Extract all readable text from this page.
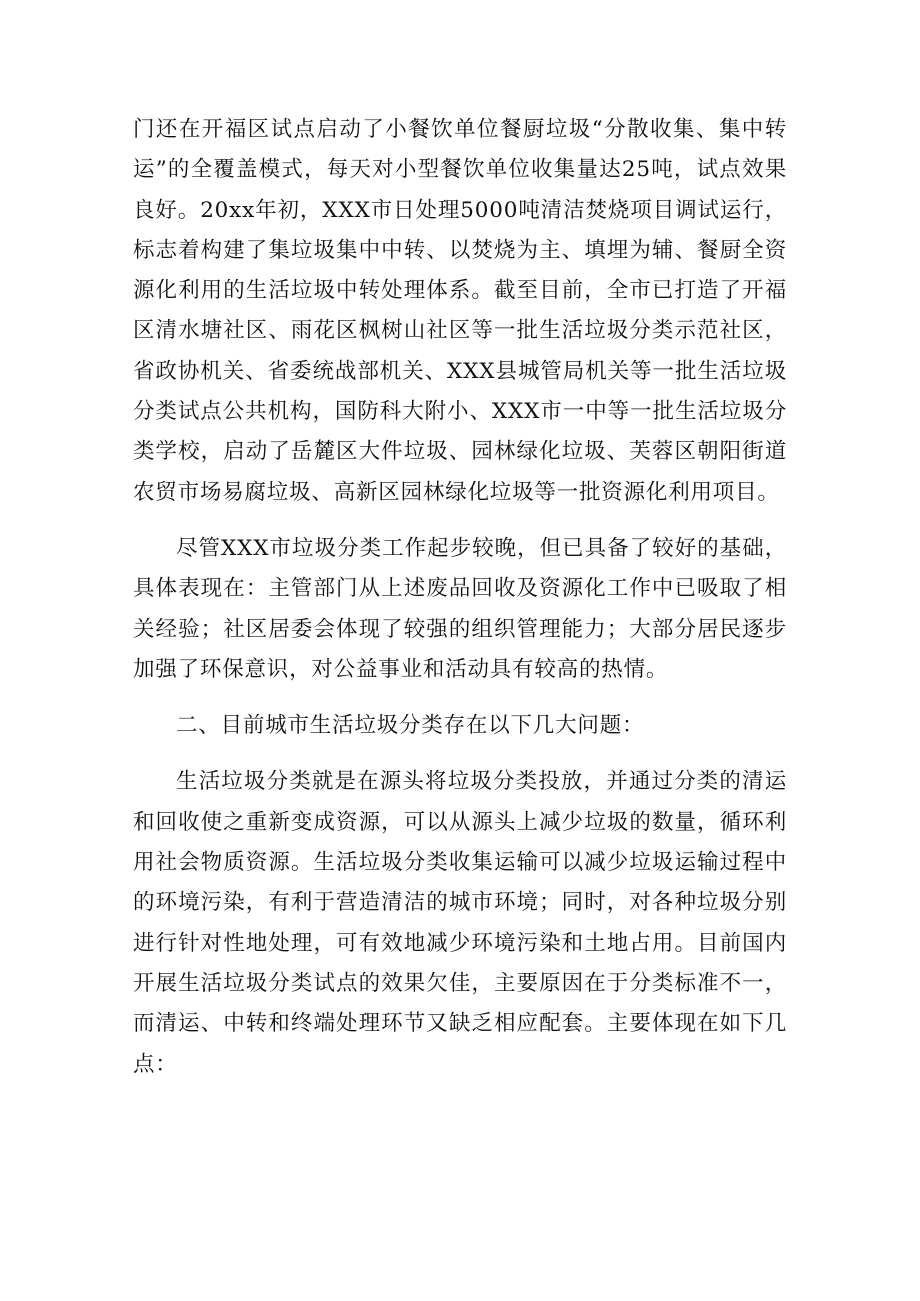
门还在开福区试点启动了小餐饮单位餐厨垃圾“分散收集、集中转运”的全覆盖模式，每天对小型餐饮单位收集量达25吨，试点效果良好。20xx年初，XXX市日处理5000吨清洁焚烧项目调试运行，标志着构建了集垃圾集中中转、以焚烧为主、填埋为辅、餐厨全资源化利用的生活垃圾中转处理体系。截至目前，全市已打造了开福区清水塘社区、雨花区枫树山社区等一批生活垃圾分类示范社区，省政协机关、省委统战部机关、XXX县城管局机关等一批生活垃圾分类试点公共机构，国防科大附小、XXX市一中等一批生活垃圾分类学校，启动了岳麓区大件垃圾、园林绿化垃圾、芙蓉区朝阳街道农贸市场易腐垃圾、高新区园林绿化垃圾等一批资源化利用项目。

尽管XXX市垃圾分类工作起步较晚，但已具备了较好的基础，具体表现在：主管部门从上述废品回收及资源化工作中已吸取了相关经验；社区居委会体现了较强的组织管理能力；大部分居民逐步加强了环保意识，对公益事业和活动具有较高的热情。

二、目前城市生活垃圾分类存在以下几大问题：

生活垃圾分类就是在源头将垃圾分类投放，并通过分类的清运和回收使之重新变成资源，可以从源头上减少垃圾的数量，循环利用社会物质资源。生活垃圾分类收集运输可以减少垃圾运输过程中的环境污染，有利于营造清洁的城市环境；同时，对各种垃圾分别进行针对性地处理，可有效地减少环境污染和土地占用。目前国内开展生活垃圾分类试点的效果欠佳，主要原因在于分类标准不一，而清运、中转和终端处理环节又缺乏相应配套。主要体现在如下几点：
